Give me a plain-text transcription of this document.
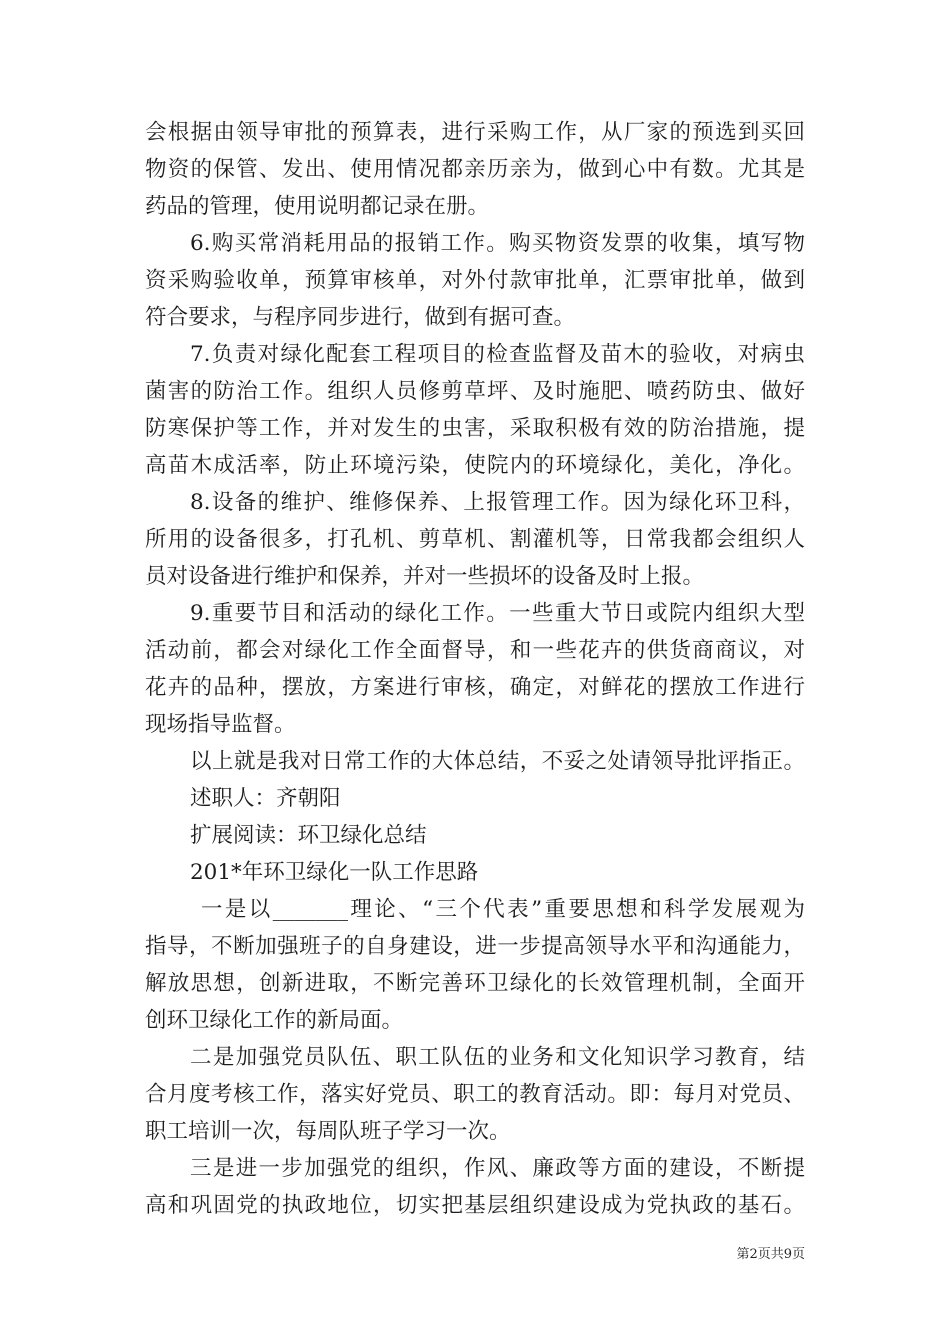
会根据由领导审批的预算表，进行采购工作，从厂家的预选到买回
物资的保管、发出、使用情况都亲历亲为，做到心中有数。尤其是
药品的管理，使用说明都记录在册。
6.购买常消耗用品的报销工作。购买物资发票的收集，填写物
资采购验收单，预算审核单，对外付款审批单，汇票审批单，做到
符合要求，与程序同步进行，做到有据可查。
7.负责对绿化配套工程项目的检查监督及苗木的验收，对病虫
菌害的防治工作。组织人员修剪草坪、及时施肥、喷药防虫、做好
防寒保护等工作，并对发生的虫害，采取积极有效的防治措施，提
高苗木成活率，防止环境污染，使院内的环境绿化，美化，净化。
8.设备的维护、维修保养、上报管理工作。因为绿化环卫科，
所用的设备很多，打孔机、剪草机、割灌机等，日常我都会组织人
员对设备进行维护和保养，并对一些损坏的设备及时上报。
9.重要节目和活动的绿化工作。一些重大节日或院内组织大型
活动前，都会对绿化工作全面督导，和一些花卉的供货商商议，对
花卉的品种，摆放，方案进行审核，确定，对鲜花的摆放工作进行
现场指导监督。
以上就是我对日常工作的大体总结，不妥之处请领导批评指正。
述职人：齐朝阳
扩展阅读：环卫绿化总结
201*年环卫绿化一队工作思路
一是以_______理论、“三个代表”重要思想和科学发展观为
指导，不断加强班子的自身建设，进一步提高领导水平和沟通能力，
解放思想，创新进取，不断完善环卫绿化的长效管理机制，全面开
创环卫绿化工作的新局面。
二是加强党员队伍、职工队伍的业务和文化知识学习教育，结
合月度考核工作，落实好党员、职工的教育活动。即：每月对党员、
职工培训一次，每周队班子学习一次。
三是进一步加强党的组织，作风、廉政等方面的建设，不断提
高和巩固党的执政地位，切实把基层组织建设成为党执政的基石。
第2页共9页
